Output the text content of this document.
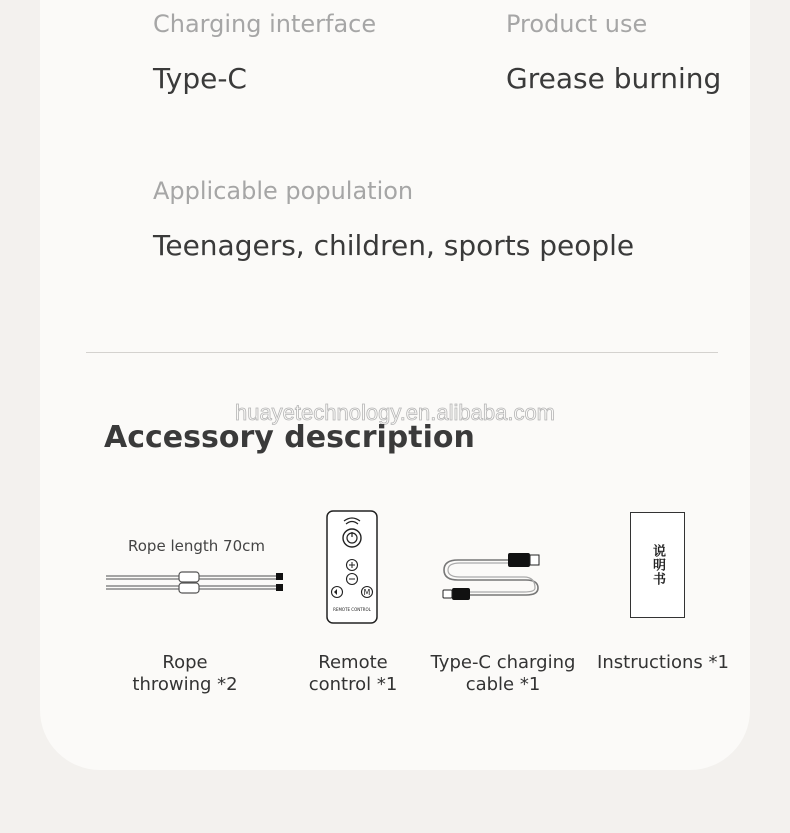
Charging interface
Type-C
Product use
Grease burning
Applicable population
Teenagers, children, sports people
huayetechnology.en.alibaba.com
Accessory description
Rope length 70cm
M
REMOTE CONTROL
说明书
Rope
throwing *2
Remote
control *1
Type-C charging
cable *1
Instructions *1
